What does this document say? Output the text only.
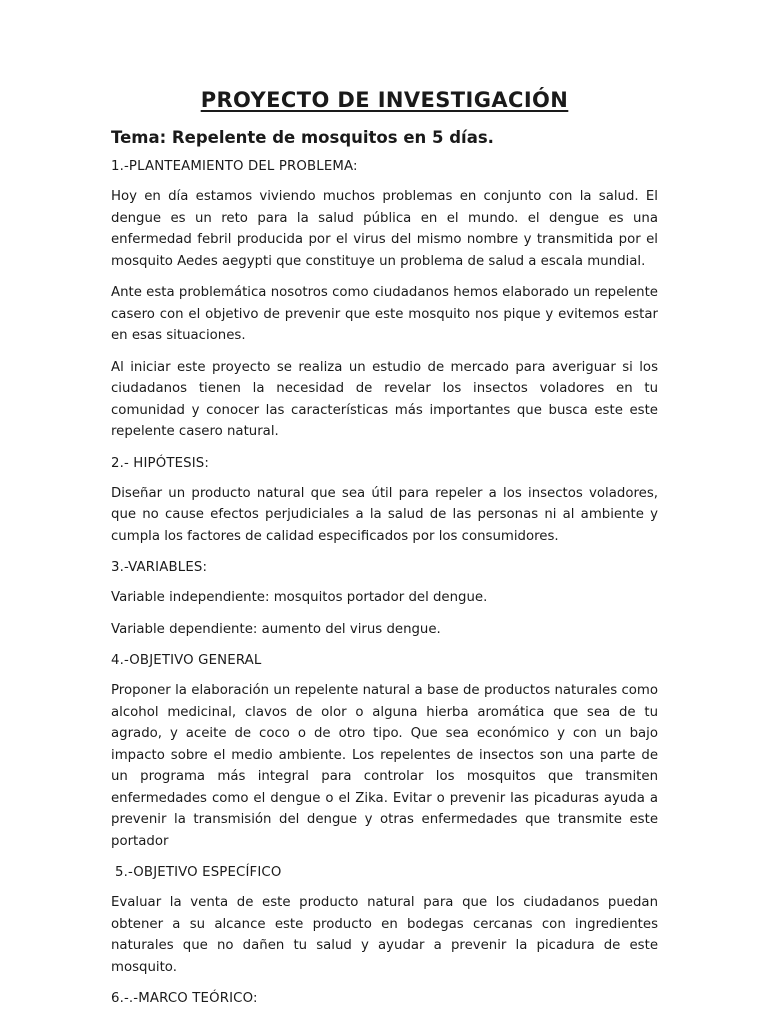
PROYECTO DE INVESTIGACIÓN
Tema: Repelente de mosquitos en 5 días.
1.-PLANTEAMIENTO DEL PROBLEMA:

Hoy en día estamos viviendo muchos problemas en conjunto con la salud. El dengue es un reto para la salud pública en el mundo. el dengue es una enfermedad febril producida por el virus del mismo nombre y transmitida por el mosquito Aedes aegypti que constituye un problema de salud a escala mundial.

Ante esta problemática nosotros como ciudadanos hemos elaborado un repelente casero con el objetivo de prevenir que este mosquito nos pique y evitemos estar en esas situaciones.

Al iniciar este proyecto se realiza un estudio de mercado para averiguar si los ciudadanos tienen la necesidad de revelar los insectos voladores en tu comunidad y conocer las características más importantes que busca este este repelente casero natural.

2.- HIPÓTESIS:

Diseñar un producto natural que sea útil para repeler a los insectos voladores, que no cause efectos perjudiciales a la salud de las personas ni al ambiente y cumpla los factores de calidad especificados por los consumidores.

3.-VARIABLES:

Variable independiente: mosquitos portador del dengue.

Variable dependiente: aumento del virus dengue.

4.-OBJETIVO GENERAL

Proponer la elaboración un repelente natural a base de productos naturales como alcohol medicinal, clavos de olor o alguna hierba aromática que sea de tu agrado, y aceite de coco o de otro tipo. Que sea económico y con un bajo impacto sobre el medio ambiente. Los repelentes de insectos son una parte de un programa más integral para controlar los mosquitos que transmiten enfermedades como el dengue o el Zika. Evitar o prevenir las picaduras ayuda a prevenir la transmisión del dengue y otras enfermedades que transmite este portador

5.-OBJETIVO ESPECÍFICO

Evaluar la venta de este producto natural para que los ciudadanos puedan obtener a su alcance este producto en bodegas cercanas con ingredientes naturales que no dañen tu salud y ayudar a prevenir la picadura de este mosquito.

6.-.-MARCO TEÓRICO:
